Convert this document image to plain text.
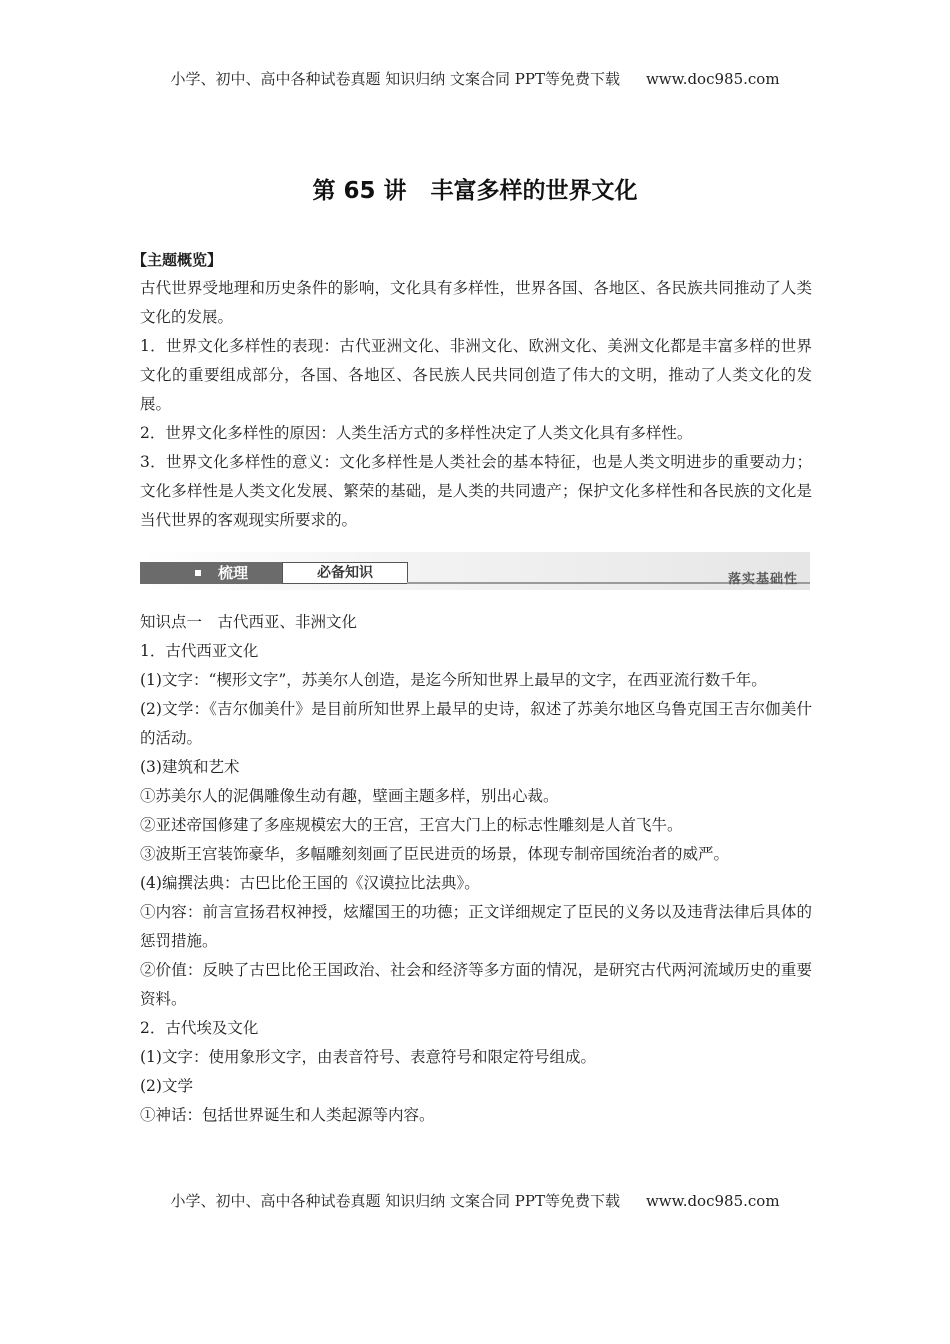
小学、初中、高中各种试卷真题 知识归纳 文案合同 PPT等免费下载 www.doc985.com
第 65 讲 丰富多样的世界文化
【主题概览】

古代世界受地理和历史条件的影响，文化具有多样性，世界各国、各地区、各民族共同推动了人类文化的发展。

1．世界文化多样性的表现：古代亚洲文化、非洲文化、欧洲文化、美洲文化都是丰富多样的世界文化的重要组成部分，各国、各地区、各民族人民共同创造了伟大的文明，推动了人类文化的发展。

2．世界文化多样性的原因：人类生活方式的多样性决定了人类文化具有多样性。

3．世界文化多样性的意义：文化多样性是人类社会的基本特征，也是人类文明进步的重要动力；文化多样性是人类文化发展、繁荣的基础，是人类的共同遗产；保护文化多样性和各民族的文化是当代世界的客观现实所要求的。

梳理	必备知识	落实基础性

知识点一　古代西亚、非洲文化

1．古代西亚文化

(1)文字：“楔形文字”，苏美尔人创造，是迄今所知世界上最早的文字，在西亚流行数千年。

(2)文学：《吉尔伽美什》是目前所知世界上最早的史诗，叙述了苏美尔地区乌鲁克国王吉尔伽美什的活动。

(3)建筑和艺术

①苏美尔人的泥偶雕像生动有趣，壁画主题多样，别出心裁。

②亚述帝国修建了多座规模宏大的王宫，王宫大门上的标志性雕刻是人首飞牛。

③波斯王宫装饰豪华，多幅雕刻刻画了臣民进贡的场景，体现专制帝国统治者的威严。

(4)编撰法典：古巴比伦王国的《汉谟拉比法典》。

①内容：前言宣扬君权神授，炫耀国王的功德；正文详细规定了臣民的义务以及违背法律后具体的惩罚措施。

②价值：反映了古巴比伦王国政治、社会和经济等多方面的情况，是研究古代两河流域历史的重要资料。

2．古代埃及文化

(1)文字：使用象形文字，由表音符号、表意符号和限定符号组成。

(2)文学

①神话：包括世界诞生和人类起源等内容。

小学、初中、高中各种试卷真题 知识归纳 文案合同 PPT等免费下载 www.doc985.com
